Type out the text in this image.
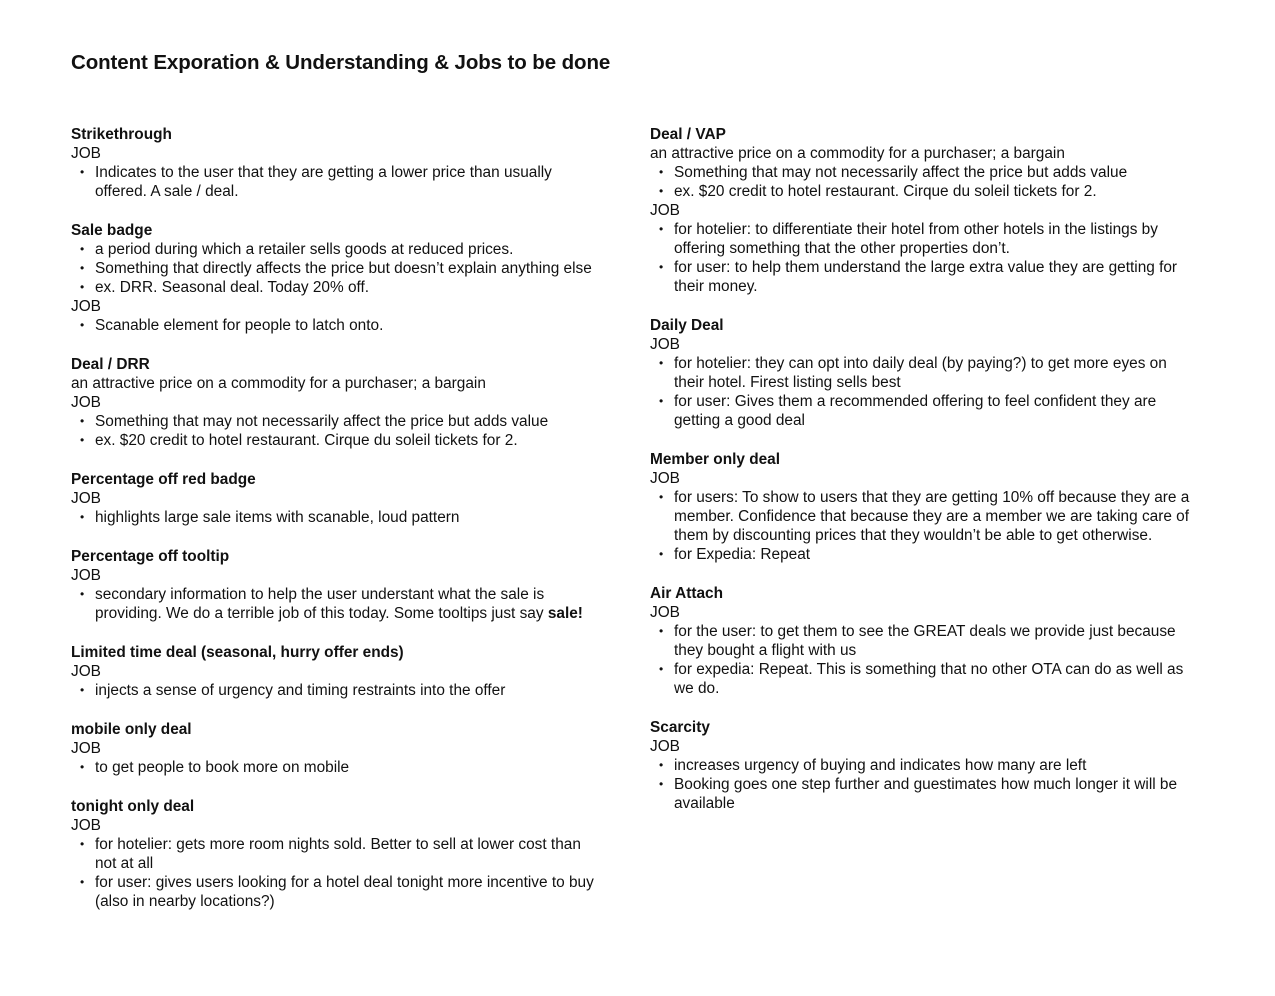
Content Exporation & Understanding & Jobs to be done
Strikethrough
JOB
• Indicates to the user that they are getting a lower price than usually offered. A sale / deal.
Sale badge
• a period during which a retailer sells goods at reduced prices.
• Something that directly affects the price but doesn’t explain anything else
• ex. DRR. Seasonal deal. Today 20% off.
JOB
• Scanable element for people to latch onto.
Deal / DRR
an attractive price on a commodity for a purchaser; a bargain
JOB
• Something that may not necessarily affect the price but adds value
• ex. $20 credit to hotel restaurant. Cirque du soleil tickets for 2.
Percentage off red badge
JOB
• highlights large sale items with scanable, loud pattern
Percentage off tooltip
JOB
• secondary information to help the user understant what the sale is providing. We do a terrible job of this today. Some tooltips just say sale!
Limited time deal (seasonal, hurry offer ends)
JOB
• injects a sense of urgency and timing restraints into the offer
mobile only deal
JOB
• to get people to book more on mobile
tonight only deal
JOB
• for hotelier: gets more room nights sold. Better to sell at lower cost than not at all
• for user: gives users looking for a hotel deal tonight more incentive to buy (also in nearby locations?)
Deal / VAP
an attractive price on a commodity for a purchaser; a bargain
• Something that may not necessarily affect the price but adds value
• ex. $20 credit to hotel restaurant. Cirque du soleil tickets for 2.
JOB
• for hotelier: to differentiate their hotel from other hotels in the listings by offering something that the other properties don’t.
• for user: to help them understand the large extra value they are getting for their money.
Daily Deal
JOB
• for hotelier: they can opt into daily deal (by paying?) to get more eyes on their hotel. Firest listing sells best
• for user: Gives them a recommended offering to feel confident they are getting a good deal
Member only deal
JOB
• for users: To show to users that they are getting 10% off because they are a member. Confidence that because they are a member we are taking care of them by discounting prices that they wouldn’t be able to get otherwise.
• for Expedia: Repeat
Air Attach
JOB
• for the user: to get them to see the GREAT deals we provide just because they bought a flight with us
• for expedia: Repeat. This is something that no other OTA can do as well as we do.
Scarcity
JOB
• increases urgency of buying and indicates how many are left
• Booking goes one step further and guestimates how much longer it will be available
